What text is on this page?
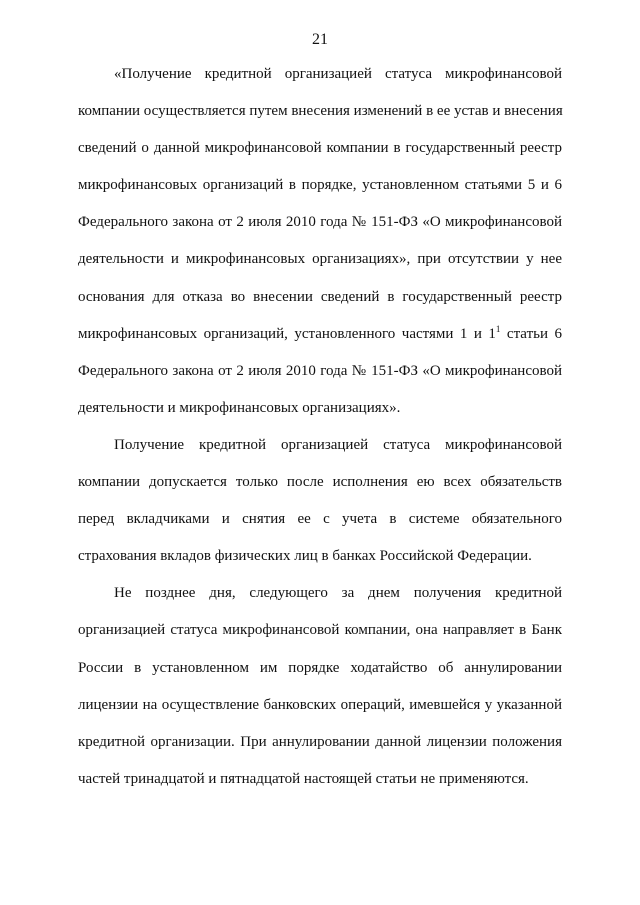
21
«Получение кредитной организацией статуса микрофинансовой
компании осуществляется путем внесения изменений в ее устав и внесения
сведений о данной микрофинансовой компании в государственный реестр
микрофинансовых организаций в порядке, установленном статьями 5 и 6
Федерального закона от 2 июля 2010 года № 151-ФЗ «О микрофинансовой
деятельности и микрофинансовых организациях», при отсутствии у нее
основания для отказа во внесении сведений в государственный реестр
микрофинансовых организаций, установленного частями 1 и $1^1$ статьи 6
Федерального закона от 2 июля 2010 года № 151-ФЗ «О микрофинансовой
деятельности и микрофинансовых организациях».
Получение кредитной организацией статуса микрофинансовой
компании допускается только после исполнения ею всех обязательств
перед вкладчиками и снятия ее с учета в системе обязательного
страхования вкладов физических лиц в банках Российской Федерации.
Не позднее дня, следующего за днем получения кредитной
организацией статуса микрофинансовой компании, она направляет в Банк
России в установленном им порядке ходатайство об аннулировании
лицензии на осуществление банковских операций, имевшейся у указанной
кредитной организации. При аннулировании данной лицензии положения
частей тринадцатой и пятнадцатой настоящей статьи не применяются.
